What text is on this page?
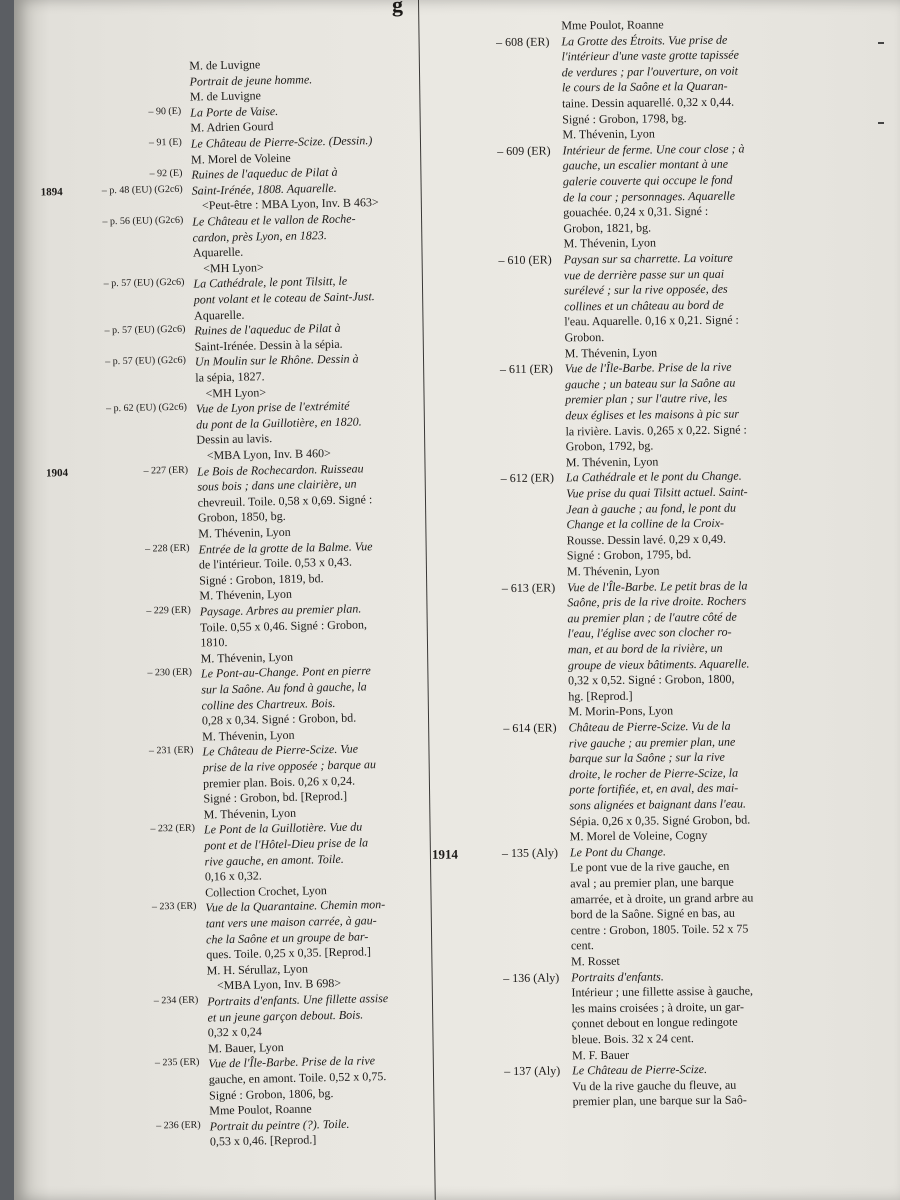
g
M. de Luvigne
Portrait de jeune homme.
M. de Luvigne
– 90 (E) La Porte de Vaise.
M. Adrien Gourd
– 91 (E) Le Château de Pierre-Scize. (Dessin.)
M. Morel de Voleine
– 92 (E) Ruines de l'aqueduc de Pilat à
1894	– p. 48 (EU) (G2c6) Saint-Irénée, 1808. Aquarelle.
<Peut-être : MBA Lyon, Inv. B 463>
– p. 56 (EU) (G2c6) Le Château et le vallon de Roche-
cardon, près Lyon, en 1823.
Aquarelle.
<MH Lyon>
– p. 57 (EU) (G2c6) La Cathédrale, le pont Tilsitt, le
pont volant et le coteau de Saint-Just.
Aquarelle.
– p. 57 (EU) (G2c6) Ruines de l'aqueduc de Pilat à
Saint-Irénée. Dessin à la sépia.
– p. 57 (EU) (G2c6) Un Moulin sur le Rhône. Dessin à
la sépia, 1827.
<MH Lyon>
– p. 62 (EU) (G2c6) Vue de Lyon prise de l'extrémité
du pont de la Guillotière, en 1820.
Dessin au lavis.
<MBA Lyon, Inv. B 460>
1904	– 227 (ER) Le Bois de Rochecardon. Ruisseau
sous bois ; dans une clairière, un
chevreuil. Toile. 0,58 x 0,69. Signé :
Grobon, 1850, bg.
M. Thévenin, Lyon
– 228 (ER) Entrée de la grotte de la Balme. Vue
de l'intérieur. Toile. 0,53 x 0,43.
Signé : Grobon, 1819, bd.
M. Thévenin, Lyon
– 229 (ER) Paysage. Arbres au premier plan.
Toile. 0,55 x 0,46. Signé : Grobon,
1810.
M. Thévenin, Lyon
– 230 (ER) Le Pont-au-Change. Pont en pierre
sur la Saône. Au fond à gauche, la
colline des Chartreux. Bois.
0,28 x 0,34. Signé : Grobon, bd.
M. Thévenin, Lyon
– 231 (ER) Le Château de Pierre-Scize. Vue
prise de la rive opposée ; barque au
premier plan. Bois. 0,26 x 0,24.
Signé : Grobon, bd. [Reprod.]
M. Thévenin, Lyon
– 232 (ER) Le Pont de la Guillotière. Vue du
pont et de l'Hôtel-Dieu prise de la
rive gauche, en amont. Toile.
0,16 x 0,32.
Collection Crochet, Lyon
– 233 (ER) Vue de la Quarantaine. Chemin mon-
tant vers une maison carrée, à gau-
che la Saône et un groupe de bar-
ques. Toile. 0,25 x 0,35. [Reprod.]
M. H. Sérullaz, Lyon
<MBA Lyon, Inv. B 698>
– 234 (ER) Portraits d'enfants. Une fillette assise
et un jeune garçon debout. Bois.
0,32 x 0,24
M. Bauer, Lyon
– 235 (ER) Vue de l'Île-Barbe. Prise de la rive
gauche, en amont. Toile. 0,52 x 0,75.
Signé : Grobon, 1806, bg.
Mme Poulot, Roanne
– 236 (ER) Portrait du peintre (?). Toile.
0,53 x 0,46. [Reprod.]
Mme Poulot, Roanne
– 608 (ER) La Grotte des Étroits. Vue prise de
l'intérieur d'une vaste grotte tapissée
de verdures ; par l'ouverture, on voit
le cours de la Saône et la Quaran-
taine. Dessin aquarellé. 0,32 x 0,44.
Signé : Grobon, 1798, bg.
M. Thévenin, Lyon
– 609 (ER) Intérieur de ferme. Une cour close ; à
gauche, un escalier montant à une
galerie couverte qui occupe le fond
de la cour ; personnages. Aquarelle
gouachée. 0,24 x 0,31. Signé :
Grobon, 1821, bg.
M. Thévenin, Lyon
– 610 (ER) Paysan sur sa charrette. La voiture
vue de derrière passe sur un quai
surélevé ; sur la rive opposée, des
collines et un château au bord de
l'eau. Aquarelle. 0,16 x 0,21. Signé :
Grobon.
M. Thévenin, Lyon
– 611 (ER) Vue de l'Île-Barbe. Prise de la rive
gauche ; un bateau sur la Saône au
premier plan ; sur l'autre rive, les
deux églises et les maisons à pic sur
la rivière. Lavis. 0,265 x 0,22. Signé :
Grobon, 1792, bg.
M. Thévenin, Lyon
– 612 (ER) La Cathédrale et le pont du Change.
Vue prise du quai Tilsitt actuel. Saint-
Jean à gauche ; au fond, le pont du
Change et la colline de la Croix-
Rousse. Dessin lavé. 0,29 x 0,49.
Signé : Grobon, 1795, bd.
M. Thévenin, Lyon
– 613 (ER) Vue de l'Île-Barbe. Le petit bras de la
Saône, pris de la rive droite. Rochers
au premier plan ; de l'autre côté de
l'eau, l'église avec son clocher ro-
man, et au bord de la rivière, un
groupe de vieux bâtiments. Aquarelle.
0,32 x 0,52. Signé : Grobon, 1800,
hg. [Reprod.]
M. Morin-Pons, Lyon
– 614 (ER) Château de Pierre-Scize. Vu de la
rive gauche ; au premier plan, une
barque sur la Saône ; sur la rive
droite, le rocher de Pierre-Scize, la
porte fortifiée, et, en aval, des mai-
sons alignées et baignant dans l'eau.
Sépia. 0,26 x 0,35. Signé Grobon, bd.
M. Morel de Voleine, Cogny
1914	– 135 (Aly) Le Pont du Change.
Le pont vue de la rive gauche, en
aval ; au premier plan, une barque
amarrée, et à droite, un grand arbre au
bord de la Saône. Signé en bas, au
centre : Grobon, 1805. Toile. 52 x 75
cent.
M. Rosset
– 136 (Aly) Portraits d'enfants.
Intérieur ; une fillette assise à gauche,
les mains croisées ; à droite, un gar-
çonnet debout en longue redingote
bleue. Bois. 32 x 24 cent.
M. F. Bauer
– 137 (Aly) Le Château de Pierre-Scize.
Vu de la rive gauche du fleuve, au
premier plan, une barque sur la Saô-
